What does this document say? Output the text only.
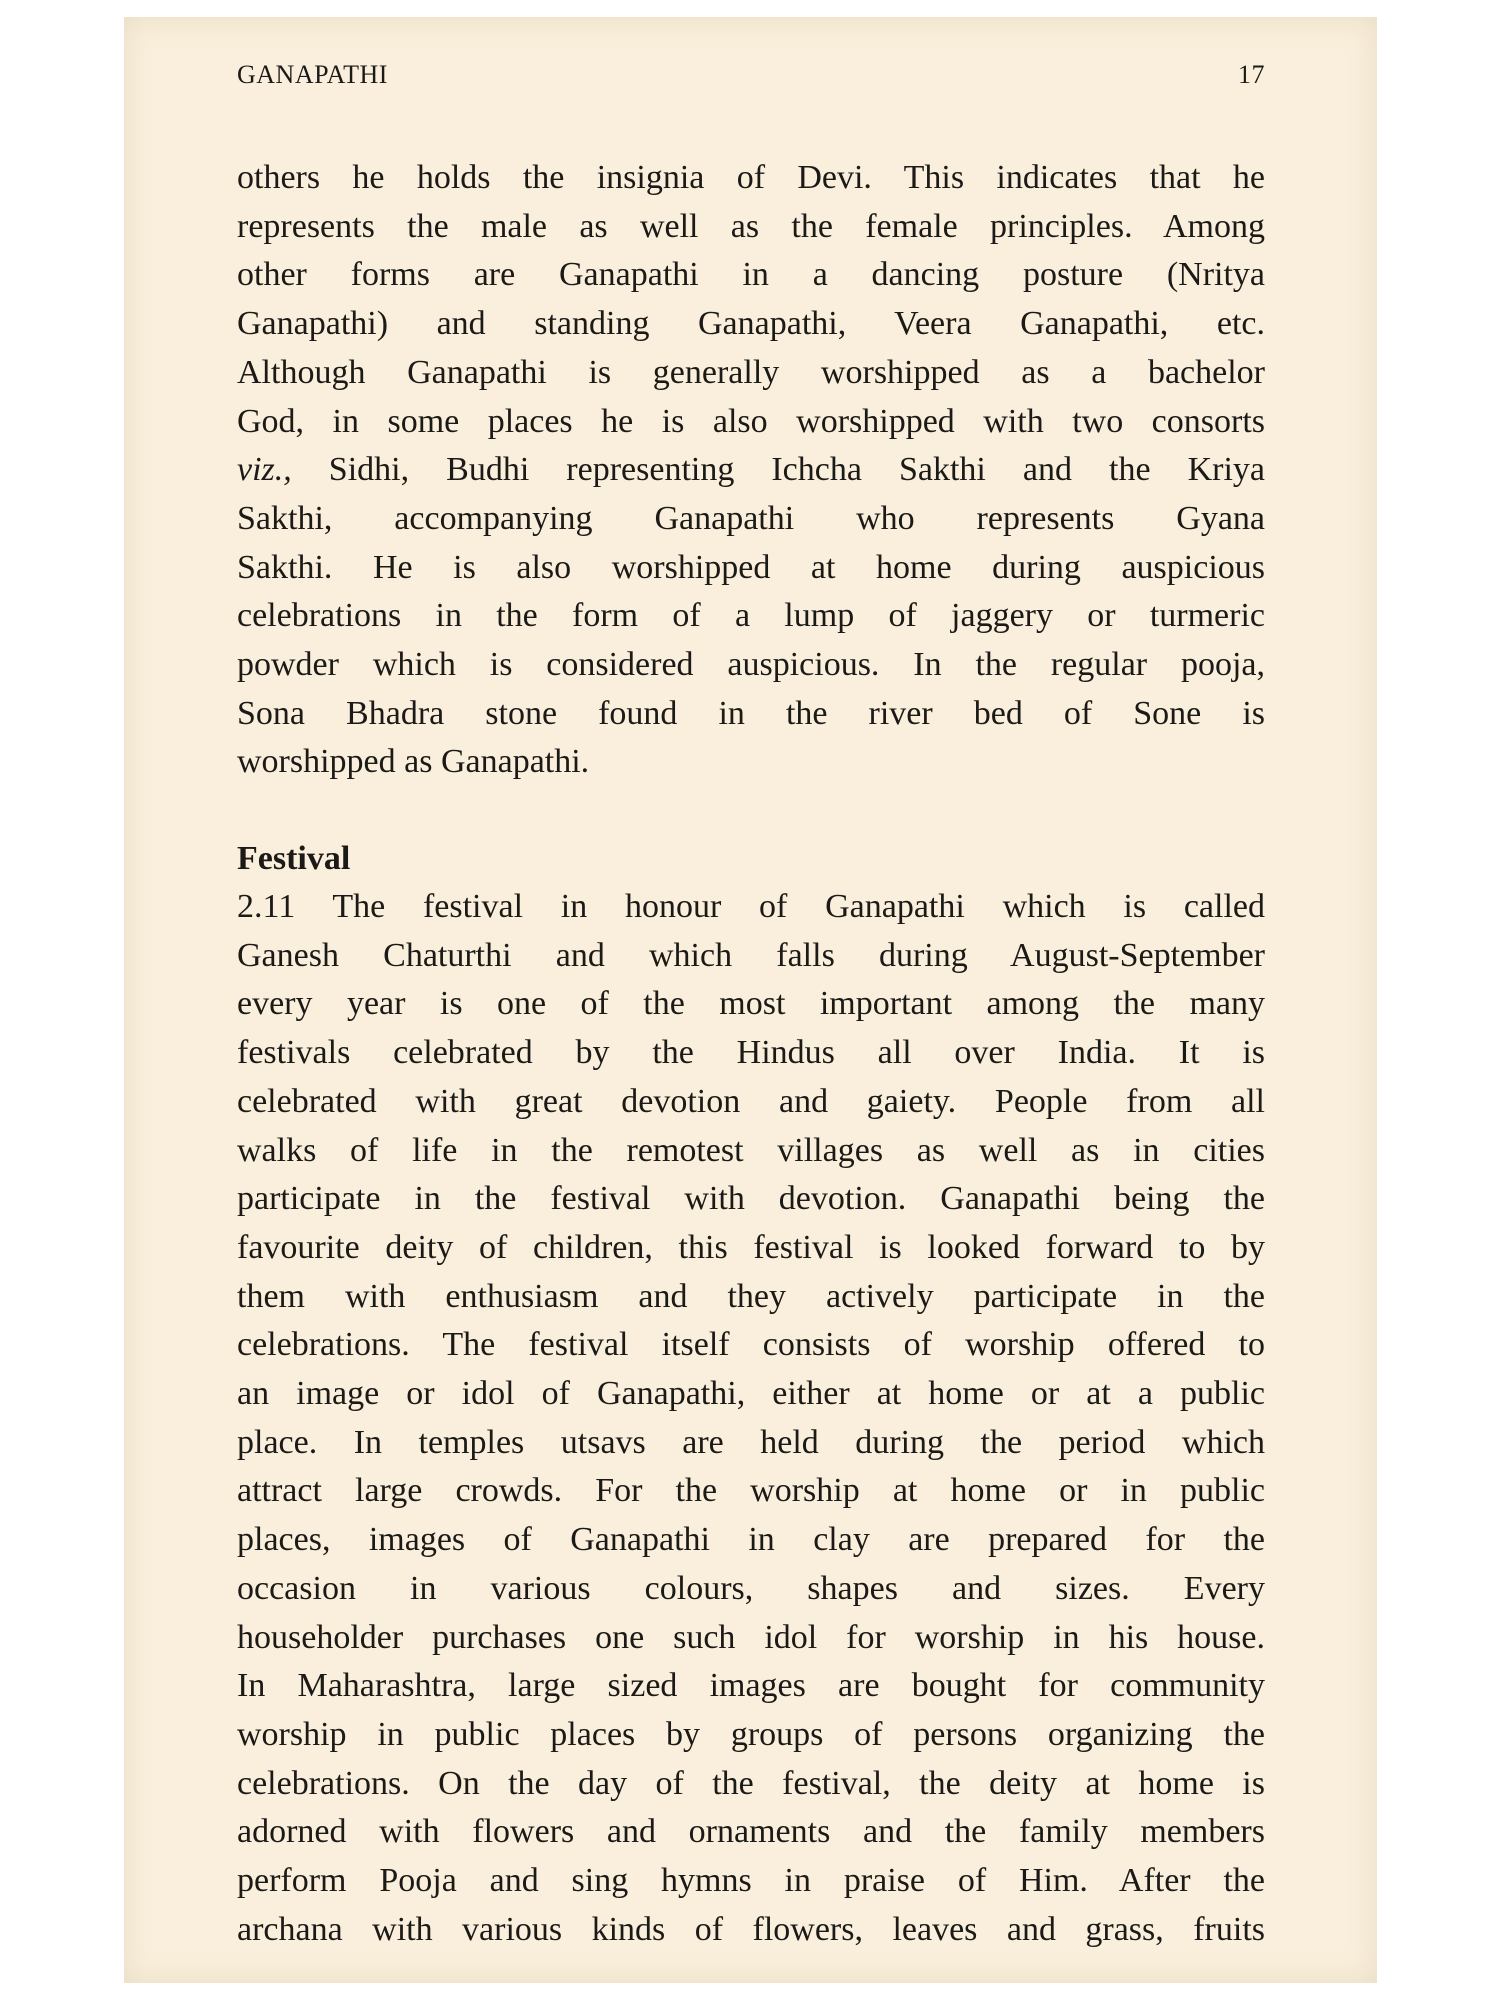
GANAPATHI	17

others he holds the insignia of Devi. This indicates that he

represents the male as well as the female principles. Among

other forms are Ganapathi in a dancing posture (Nritya

Ganapathi) and standing Ganapathi, Veera Ganapathi, etc.

Although Ganapathi is generally worshipped as a bachelor

God, in some places he is also worshipped with two consorts

viz., Sidhi, Budhi representing Ichcha Sakthi and the Kriya

Sakthi, accompanying Ganapathi who represents Gyana

Sakthi. He is also worshipped at home during auspicious

celebrations in the form of a lump of jaggery or turmeric

powder which is considered auspicious. In the regular pooja,

Sona Bhadra stone found in the river bed of Sone is

worshipped as Ganapathi.

Festival

2.11 The festival in honour of Ganapathi which is called

Ganesh Chaturthi and which falls during August-September

every year is one of the most important among the many

festivals celebrated by the Hindus all over India. It is

celebrated with great devotion and gaiety. People from all

walks of life in the remotest villages as well as in cities

participate in the festival with devotion. Ganapathi being the

favourite deity of children, this festival is looked forward to by

them with enthusiasm and they actively participate in the

celebrations. The festival itself consists of worship offered to

an image or idol of Ganapathi, either at home or at a public

place. In temples utsavs are held during the period which

attract large crowds. For the worship at home or in public

places, images of Ganapathi in clay are prepared for the

occasion in various colours, shapes and sizes. Every

householder purchases one such idol for worship in his house.

In Maharashtra, large sized images are bought for community

worship in public places by groups of persons organizing the

celebrations. On the day of the festival, the deity at home is

adorned with flowers and ornaments and the family members

perform Pooja and sing hymns in praise of Him. After the

archana with various kinds of flowers, leaves and grass, fruits
